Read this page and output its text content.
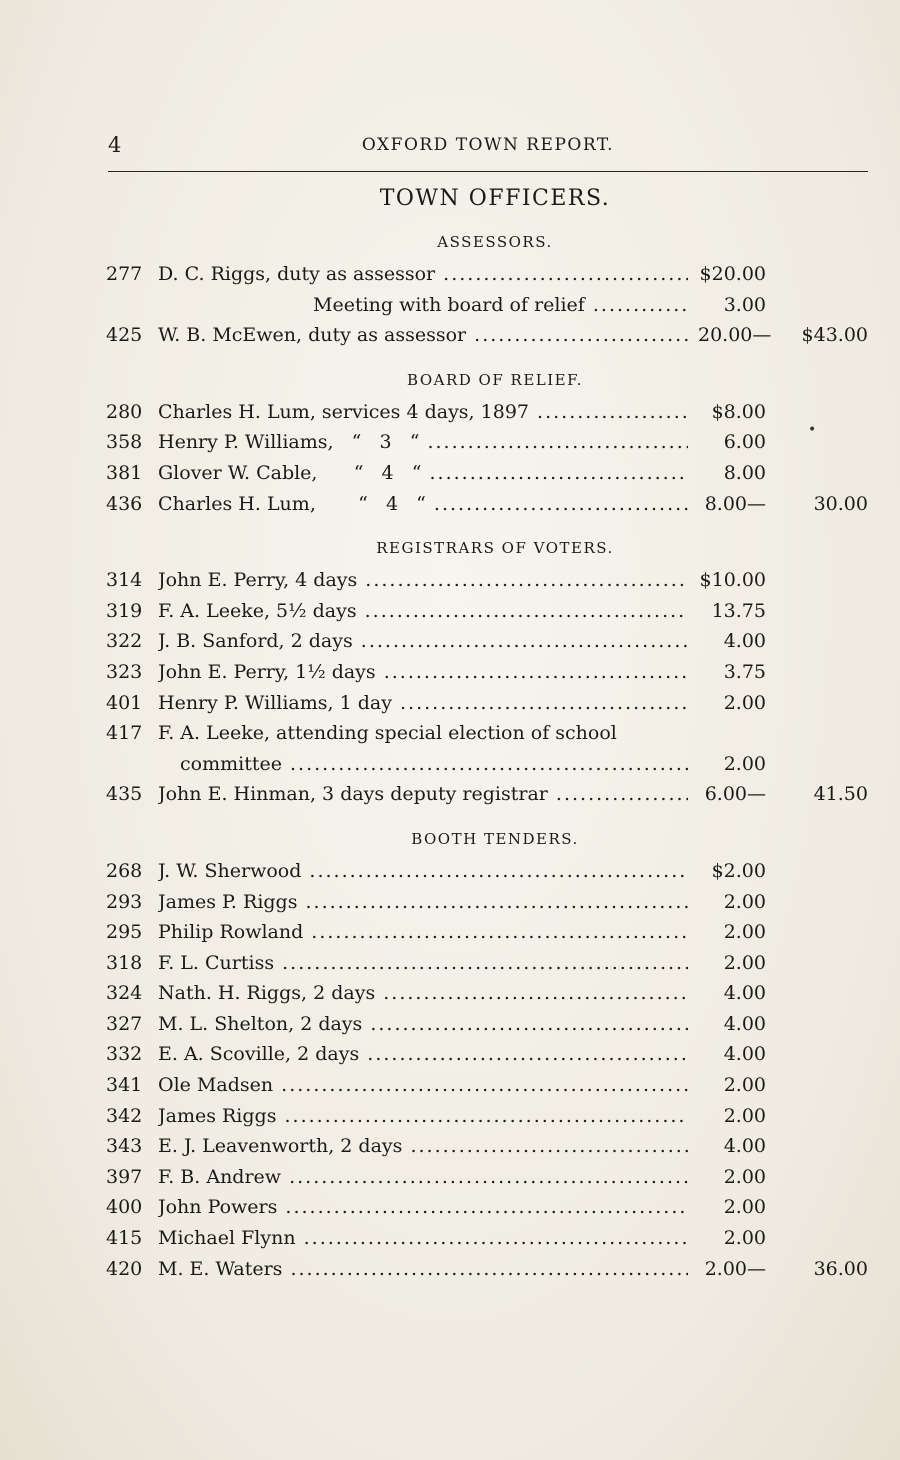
4	OXFORD TOWN REPORT.
TOWN OFFICERS.
ASSESSORS.
277 D. C. Riggs, duty as assessor .....	$20.00
Meeting with board of relief .....	3.00
425 W. B. McEwen, duty as assessor .....	20.00—	$43.00
BOARD OF RELIEF.
280 Charles H. Lum, services 4 days, 1897 .....	$8.00
358 Henry P. Williams,   “   3   “ .....	6.00
381 Glover W. Cable,      “   4   “ .....	8.00
436 Charles H. Lum,       “   4   “ .....	8.00—	30.00
REGISTRARS OF VOTERS.
314 John E. Perry, 4 days .....	$10.00
319 F. A. Leeke, 5½ days .....	13.75
322 J. B. Sanford, 2 days .....	4.00
323 John E. Perry, 1½ days .....	3.75
401 Henry P. Williams, 1 day .....	2.00
417 F. A. Leeke, attending special election of school
committee .....	2.00
435 John E. Hinman, 3 days deputy registrar .....	6.00—	41.50
BOOTH TENDERS.
268 J. W. Sherwood .....	$2.00
293 James P. Riggs .....	2.00
295 Philip Rowland .....	2.00
318 F. L. Curtiss .....	2.00
324 Nath. H. Riggs, 2 days .....	4.00
327 M. L. Shelton, 2 days .....	4.00
332 E. A. Scoville, 2 days .....	4.00
341 Ole Madsen .....	2.00
342 James Riggs .....	2.00
343 E. J. Leavenworth, 2 days .....	4.00
397 F. B. Andrew .....	2.00
400 John Powers .....	2.00
415 Michael Flynn .....	2.00
420 M. E. Waters .....	2.00—	36.00
•
